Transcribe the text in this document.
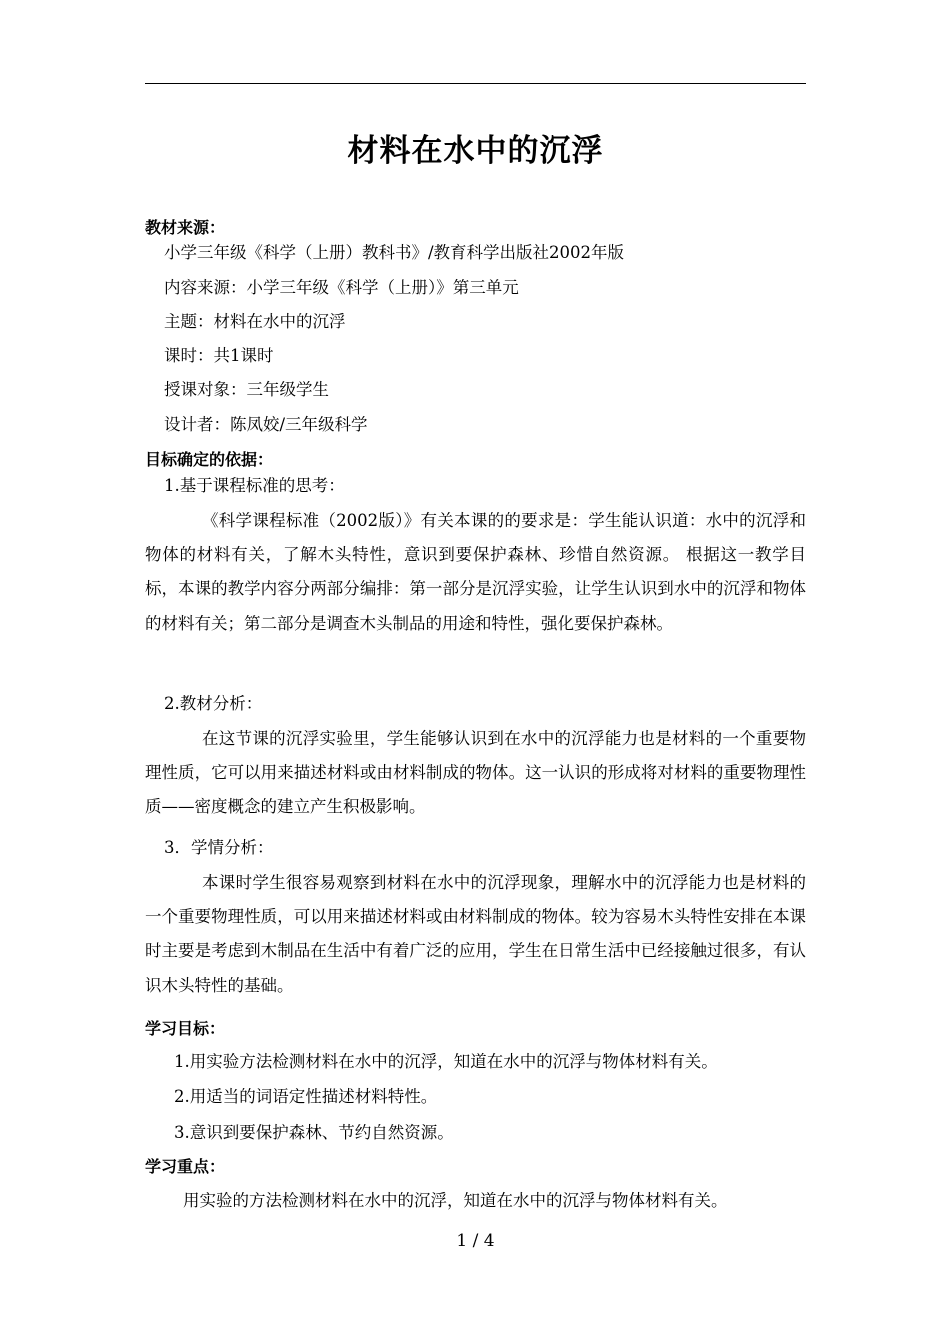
材料在水中的沉浮
教材来源：
小学三年级《科学（上册）教科书》/教育科学出版社2002年版
内容来源：小学三年级《科学（上册）》第三单元
主题：材料在水中的沉浮
课时：共1课时
授课对象：三年级学生
设计者：陈凤姣/三年级科学
目标确定的依据：
1.基于课程标准的思考：

《科学课程标准（2002版）》有关本课的的要求是：学生能认识道：水中的沉浮和物体的材料有关，了解木头特性，意识到要保护森林、珍惜自然资源。 根据这一教学目标，本课的教学内容分两部分编排：第一部分是沉浮实验，让学生认识到水中的沉浮和物体的材料有关；第二部分是调查木头制品的用途和特性，强化要保护森林。

2.教材分析：

在这节课的沉浮实验里，学生能够认识到在水中的沉浮能力也是材料的一个重要物理性质，它可以用来描述材料或由材料制成的物体。这一认识的形成将对材料的重要物理性质——密度概念的建立产生积极影响。

3．学情分析：

本课时学生很容易观察到材料在水中的沉浮现象，理解水中的沉浮能力也是材料的一个重要物理性质，可以用来描述材料或由材料制成的物体。较为容易木头特性安排在本课时主要是考虑到木制品在生活中有着广泛的应用，学生在日常生活中已经接触过很多，有认识木头特性的基础。

学习目标：
1.用实验方法检测材料在水中的沉浮，知道在水中的沉浮与物体材料有关。
2.用适当的词语定性描述材料特性。
3.意识到要保护森林、节约自然资源。
学习重点：
用实验的方法检测材料在水中的沉浮，知道在水中的沉浮与物体材料有关。
1 / 4
